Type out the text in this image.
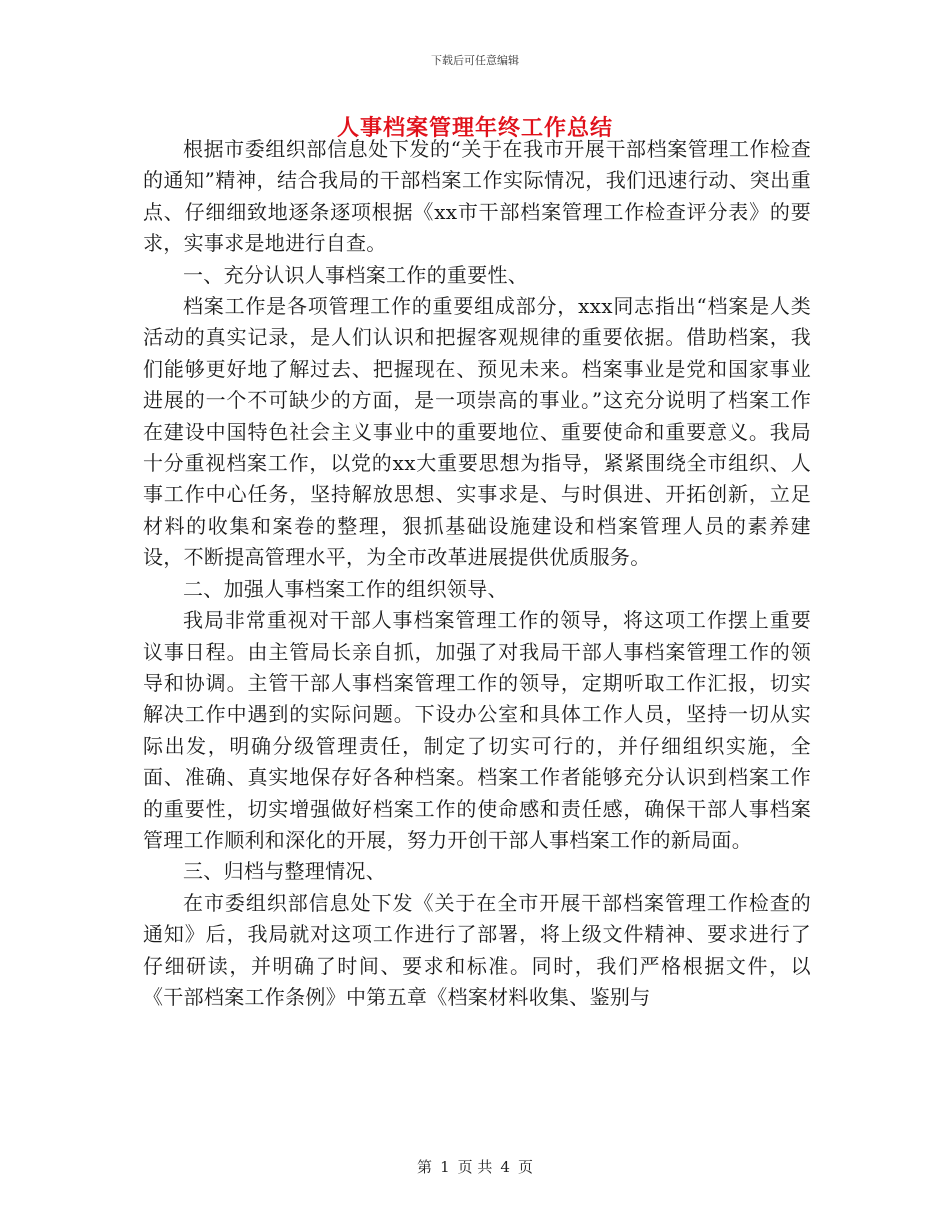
下载后可任意编辑
人事档案管理年终工作总结

根据市委组织部信息处下发的“关于在我市开展干部档案管理工作检查的通知”精神，结合我局的干部档案工作实际情况，我们迅速行动、突出重点、仔细细致地逐条逐项根据《xx市干部档案管理工作检查评分表》的要求，实事求是地进行自查。

一、充分认识人事档案工作的重要性、

档案工作是各项管理工作的重要组成部分，xxx同志指出“档案是人类活动的真实记录，是人们认识和把握客观规律的重要依据。借助档案，我们能够更好地了解过去、把握现在、预见未来。档案事业是党和国家事业进展的一个不可缺少的方面，是一项崇高的事业。”这充分说明了档案工作在建设中国特色社会主义事业中的重要地位、重要使命和重要意义。我局十分重视档案工作，以党的xx大重要思想为指导，紧紧围绕全市组织、人事工作中心任务，坚持解放思想、实事求是、与时俱进、开拓创新，立足材料的收集和案卷的整理，狠抓基础设施建设和档案管理人员的素养建设，不断提高管理水平，为全市改革进展提供优质服务。

二、加强人事档案工作的组织领导、

我局非常重视对干部人事档案管理工作的领导，将这项工作摆上重要议事日程。由主管局长亲自抓，加强了对我局干部人事档案管理工作的领导和协调。主管干部人事档案管理工作的领导，定期听取工作汇报，切实解决工作中遇到的实际问题。下设办公室和具体工作人员，坚持一切从实际出发，明确分级管理责任，制定了切实可行的，并仔细组织实施，全面、准确、真实地保存好各种档案。档案工作者能够充分认识到档案工作的重要性，切实增强做好档案工作的使命感和责任感，确保干部人事档案管理工作顺利和深化的开展，努力开创干部人事档案工作的新局面。

三、归档与整理情况、

在市委组织部信息处下发《关于在全市开展干部档案管理工作检查的通知》后，我局就对这项工作进行了部署，将上级文件精神、要求进行了仔细研读，并明确了时间、要求和标准。同时，我们严格根据文件，以《干部档案工作条例》中第五章《档案材料收集、鉴别与

第 1 页 共 4 页
